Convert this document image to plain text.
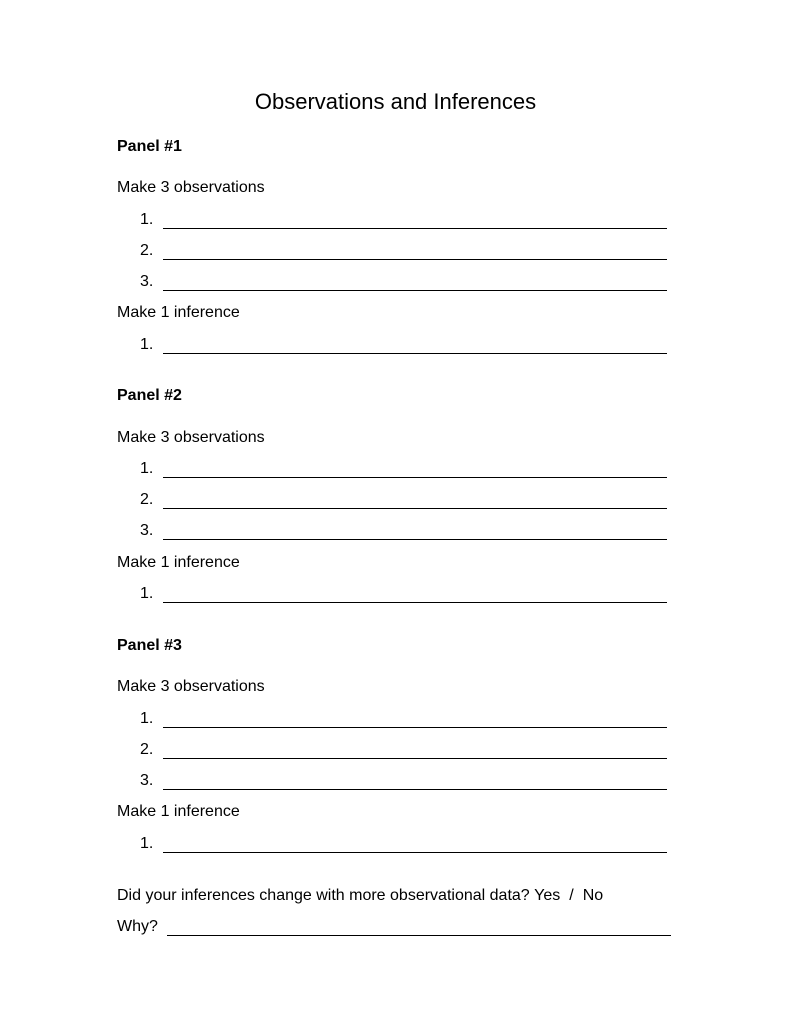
Observations and Inferences
Panel #1
Make 3 observations
1.
2.
3.
Make 1 inference
1.
Panel #2
Make 3 observations
1.
2.
3.
Make 1 inference
1.
Panel #3
Make 3 observations
1.
2.
3.
Make 1 inference
1.
Did your inferences change with more observational data? Yes / No
Why?
